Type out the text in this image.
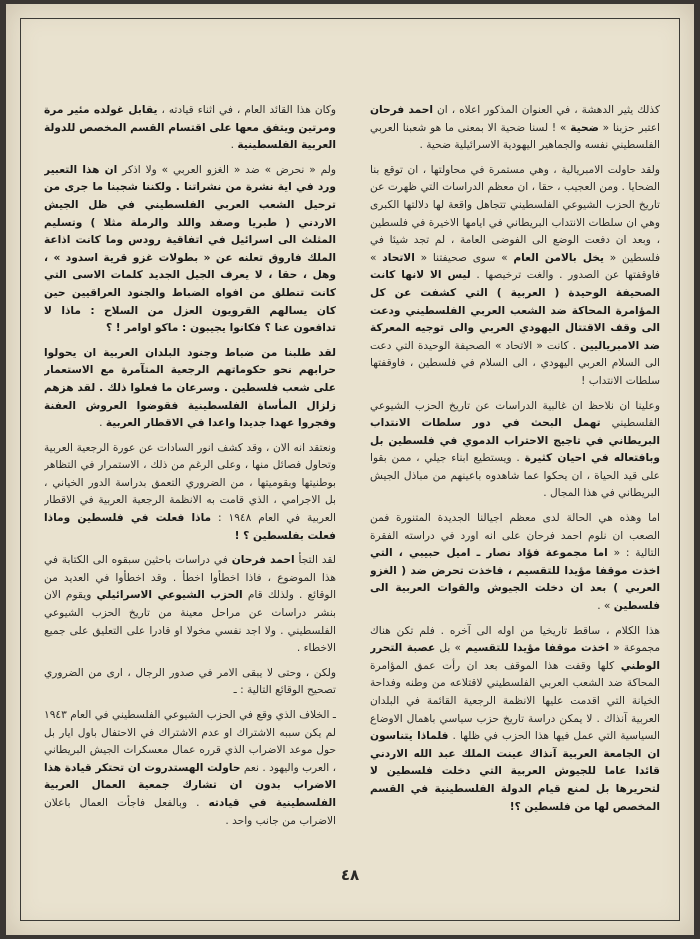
كذلك يثير الدهشة ، في العنوان المذكور اعلاه ، ان احمد فرحان اعتبر حزبنا « ضحية » ! لسنا ضحية الا بمعنى ما هو شعبنا العربي الفلسطيني نفسه والجماهير اليهودية الاسرائيلية ضحية .

ولقد حاولت الامبريالية ، وهي مستمرة في محاولتها ، ان توقع بنا الضحايا . ومن العجيب ، حقا ، ان معظم الدراسات التي ظهرت عن تاريخ الحزب الشيوعي الفلسطيني تتجاهل واقعة لها دلالتها الكبرى وهي ان سلطات الانتداب البريطاني في ايامها الاخيرة في فلسطين ، وبعد ان دفعت الوضع الى الفوضى العامة ، لم تجد شيئا في فلسطين « يخل بالامن العام » سوى صحيفتنا « الاتحاد » فاوقفتها عن الصدور . والغت ترخيصها . ليس الا لانها كانت الصحيفة الوحيدة ( العربية ) التي كشفت عن كل المؤامرة المحاكة ضد الشعب العربي الفلسطيني ودعت الى وقف الاقتتال اليهودي العربي والى توجيه المعركة ضد الامبرياليين . كانت « الاتحاد » الصحيفة الوحيدة التي دعت الى السلام العربي اليهودي ، الى السلام في فلسطين ، فاوقفتها سلطات الانتداب !

وعلينا ان نلاحظ ان غالبية الدراسات عن تاريخ الحزب الشيوعي الفلسطيني تهمل البحث في دور سلطات الانتداب البريطاني في تاجيج الاحتراب الدموي في فلسطين بل وبافتعاله في احيان كثيرة . ويستطيع ابناء جيلي ، ممن بقوا على قيد الحياة ، ان يحكوا عما شاهدوه باعينهم من مباذل الجيش البريطاني في هذا المجال .

اما وهذه هي الحالة لدى معظم اجيالنا الجديدة المتنورة فمن الصعب ان نلوم احمد فرحان على انه اورد في دراسته الفقرة التالية : « اما مجموعة فؤاد نصار ـ اميل حبيبي ، التي اخذت موقفا مؤيدا للتقسيم ، فاخذت تحرض ضد ( الغزو العربي ) بعد ان دخلت الجيوش والقوات العربية الى فلسطين » .

هذا الكلام ، ساقط تاريخيا من اوله الى آخره . فلم تكن هناك مجموعة « اخذت موقفا مؤيدا للتقسيم » بل عصبة التحرر الوطني كلها وقفت هذا الموقف بعد ان رأت عمق المؤامرة المحاكة ضد الشعب العربي الفلسطيني لاقتلاعه من وطنه وفداحة الخيانة التي اقدمت عليها الانظمة الرجعية القائمة في البلدان العربية آنذاك . لا يمكن دراسة تاريخ حزب سياسي باهمال الاوضاع السياسية التي عمل فيها هذا الحزب في ظلها . فلماذا يتناسون ان الجامعة العربية آنذاك عينت الملك عبد الله الاردني قائدا عاما للجيوش العربية التي دخلت فلسطين لا لتحريرها بل لمنع قيام الدولة الفلسطينية في القسم المخصص لها من فلسطين ؟!

وكان هذا القائد العام ، في اثناء قيادته ، يقابل غولده مئير مرة ومرتين ويتفق معها على اقتسام القسم المخصص للدولة العربية الفلسطينية .

ولم « نحرض » ضد « الغزو العربي » ولا اذكر ان هذا التعبير ورد في اية نشرة من نشراتنا . ولكننا شجبنا ما جرى من ترحيل الشعب العربي الفلسطيني في ظل الجيش الاردني ( طبريا وصفد واللد والرملة مثلا ) وتسليم المثلث الى اسرائيل في اتفاقية رودس وما كانت اذاعة الملك فاروق تعلنه عن « بطولات غزو قرية اسدود » ، وهل ، حقا ، لا يعرف الجيل الجديد كلمات الاسى التي كانت تنطلق من افواه الضباط والجنود العراقيين حين كان يسالهم القرويون العزل من السلاح : ماذا لا تدافعون عنا ؟ فكانوا يجيبون : ماكو اوامر ! ؟

لقد طلبنا من ضباط وجنود البلدان العربية ان يحولوا حرابهم نحو حكوماتهم الرجعية المتآمرة مع الاستعمار على شعب فلسطين . وسرعان ما فعلوا ذلك . لقد هزهم زلزال المأساة الفلسطينية فقوضوا العروش العفنة وفجروا عهدا جديدا واعدا في الاقطار العربية .

ونعتقد انه الان ، وقد كشف انور السادات عن عورة الرجعية العربية وتحاول فصائل منها ، وعلى الرغم من ذلك ، الاستمرار في التظاهر بوطنيتها وبقوميتها ، من الضروري التعمق بدراسة الدور الخياني ، بل الاجرامي ، الذي قامت به الانظمة الرجعية العربية في الاقطار العربية في العام ١٩٤٨ : ماذا فعلت في فلسطين وماذا فعلت بفلسطين ؟ !

لقد التجأ احمد فرحان في دراسات باحثين سبقوه الى الكتابة في هذا الموضوع ، فاذا اخطأوا اخطأ . وقد اخطأوا في العديد من الوقائع . ولذلك قام الحزب الشيوعي الاسرائيلي ويقوم الان بنشر دراسات عن مراحل معينة من تاريخ الحزب الشيوعي الفلسطيني . ولا اجد نفسي مخولا او قادرا على التعليق على جميع الاخطاء .

ولكن ، وحتى لا يبقى الامر في صدور الرجال ، ارى من الضروري تصحيح الوقائع التالية : ـ

ـ الخلاف الذي وقع في الحزب الشيوعي الفلسطيني في العام ١٩٤٣ لم يكن سببه الاشتراك او عدم الاشتراك في الاحتفال باول ايار بل حول موعد الاضراب الذي قرره عمال معسكرات الجيش البريطاني ، العرب واليهود . نعم حاولت الهستدروت ان تحتكر قيادة هذا الاضراب بدون ان تشارك جمعية العمال العربية الفلسطينية في قيادته . وبالفعل فاجأت العمال باعلان الاضراب من جانب واحد .

٤٨
